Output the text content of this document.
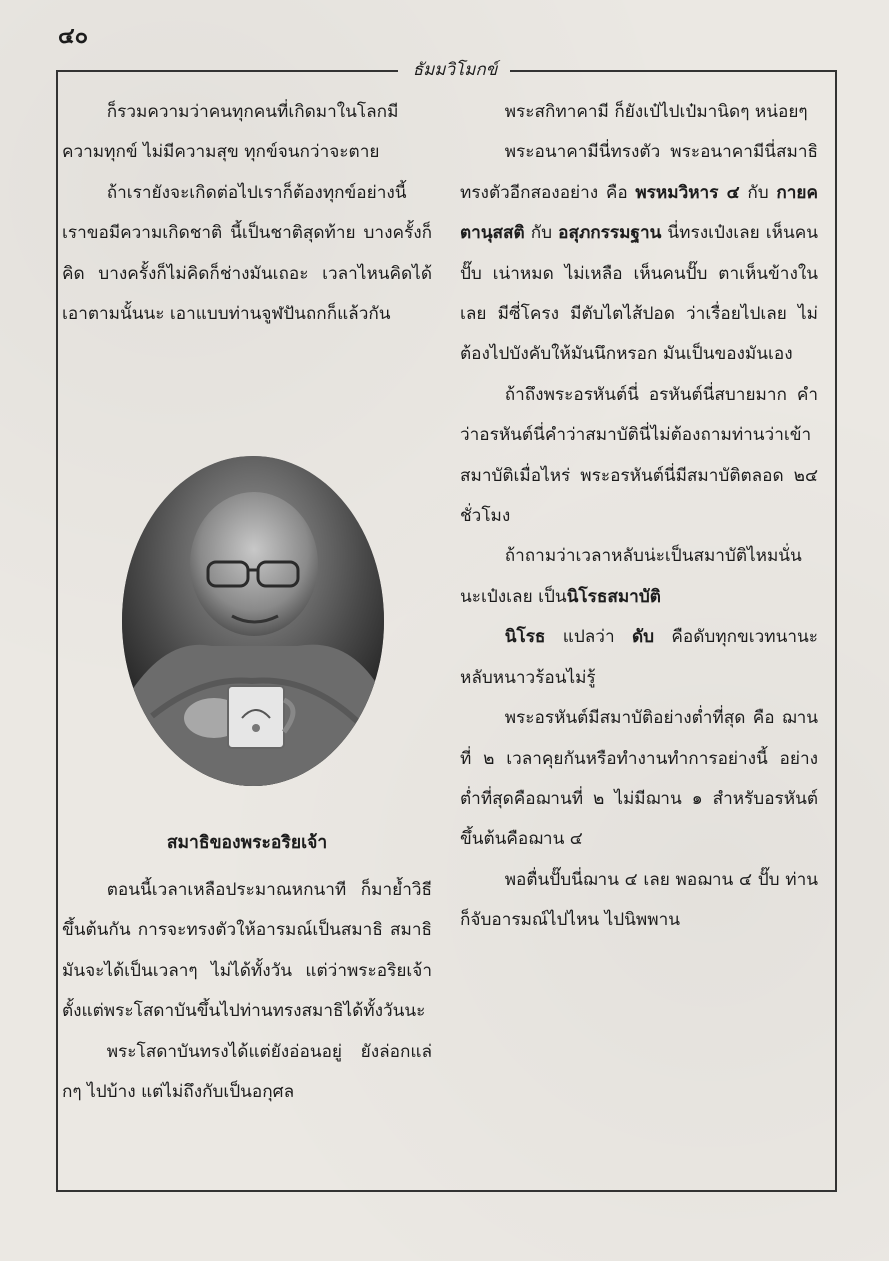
๔๐
ธัมมวิโมกข์

ก็รวมความว่าคนทุกคนที่เกิดมาในโลกมีความทุกข์ ไม่มีความสุข ทุกข์จนกว่าจะตาย

ถ้าเรายังจะเกิดต่อไปเราก็ต้องทุกข์อย่างนี้ เราขอมีความเกิดชาติ นี้เป็นชาติสุดท้าย บางครั้งก็คิด บางครั้งก็ไม่คิดก็ช่างมันเถอะ เวลาไหนคิดได้เอาตามนั้นนะ เอาแบบท่านจูฬปันถกก็แล้วกัน

สมาธิของพระอริยเจ้า

ตอนนี้เวลาเหลือประมาณหกนาที ก็มาย้ำวิธีขึ้นต้นกัน การจะทรงตัวให้อารมณ์เป็นสมาธิ สมาธิมันจะได้เป็นเวลาๆ ไม่ได้ทั้งวัน แต่ว่าพระอริยเจ้าตั้งแต่พระโสดาบันขึ้นไปท่านทรงสมาธิได้ทั้งวันนะ

พระโสดาบันทรงได้แต่ยังอ่อนอยู่ ยังล่อกแล่กๆ ไปบ้าง แต่ไม่ถึงกับเป็นอกุศล

พระสกิทาคามี ก็ยังเป๋ไปเป๋มานิดๆ หน่อยๆ

พระอนาคามีนี่ทรงตัว พระอนาคามีนี่สมาธิทรงตัวอีกสองอย่าง คือ พรหมวิหาร ๔ กับ กายคตานุสสติ กับ อสุภกรรมฐาน นี่ทรงเป๋งเลย เห็นคนปั๊บ เน่าหมด ไม่เหลือ เห็นคนปั๊บ ตาเห็นข้างในเลย มีซี่โครง มีตับไตไส้ปอด ว่าเรื่อยไปเลย ไม่ต้องไปบังคับให้มันนึกหรอก มันเป็นของมันเอง

ถ้าถึงพระอรหันต์นี่ อรหันต์นี่สบายมาก คำว่าอรหันต์นี่คำว่าสมาบัตินี่ไม่ต้องถามท่านว่าเข้าสมาบัติเมื่อไหร่ พระอรหันต์นี่มีสมาบัติตลอด ๒๔ ชั่วโมง

ถ้าถามว่าเวลาหลับน่ะเป็นสมาบัติไหมนั่นนะเป๋งเลย เป็นนิโรธสมาบัติ

นิโรธ แปลว่า ดับ คือดับทุกขเวทนานะ หลับหนาวร้อนไม่รู้

พระอรหันต์มีสมาบัติอย่างต่ำที่สุด คือ ฌานที่ ๒ เวลาคุยกันหรือทำงานทำการอย่างนี้ อย่างต่ำที่สุดคือฌานที่ ๒ ไม่มีฌาน ๑ สำหรับอรหันต์ ขึ้นต้นคือฌาน ๔

พอตื่นปั๊บนี่ฌาน ๔ เลย พอฌาน ๔ ปั๊บ ท่านก็จับอารมณ์ไปไหน ไปนิพพาน
